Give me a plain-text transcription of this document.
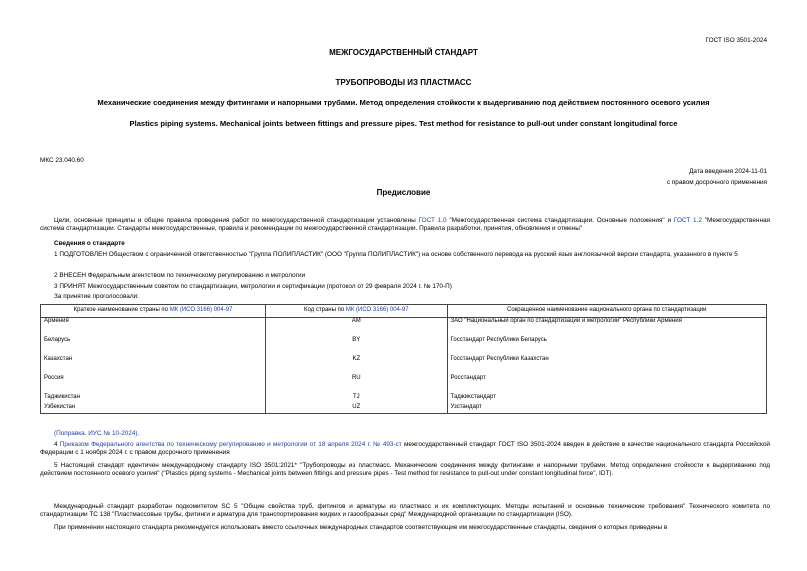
ГОСТ ISO 3501-2024
МЕЖГОСУДАРСТВЕННЫЙ СТАНДАРТ
ТРУБОПРОВОДЫ ИЗ ПЛАСТМАСС
Механические соединения между фитингами и напорными трубами. Метод определения стойкости к выдергиванию под действием постоянного осевого усилия
Plastics piping systems. Mechanical joints between fittings and pressure pipes. Test method for resistance to pull-out under constant longitudinal force
МКС 23.040.60
Дата введения 2024-11-01
с правом досрочного применения
Предисловие
Цели, основные принципы и общие правила проведения работ по межгосударственной стандартизации установлены ГОСТ 1.0 "Межгосударственная система стандартизации. Основные положения" и ГОСТ 1.2 "Межгосударственная система стандартизации. Стандарты межгосударственные, правила и рекомендации по межгосударственной стандартизации. Правила разработки, принятия, обновления и отмены"
Сведения о стандарте
1 ПОДГОТОВЛЕН Обществом с ограниченной ответственностью "Группа ПОЛИПЛАСТИК" (ООО "Группа ПОЛИПЛАСТИК") на основе собственного перевода на русский язык англоязычной версии стандарта, указанного в пункте 5
2 ВНЕСЕН Федеральным агентством по техническому регулированию и метрологии
3 ПРИНЯТ Межгосударственным советом по стандартизации, метрологии и сертификации (протокол от 29 февраля 2024 г. № 170-П)
За принятие проголосовали:
Краткое наименование страны по МК (ИСО 3166) 004-97	Код страны по МК (ИСО 3166) 004-97	Сокращенное наименование национального органа по стандартизации
Армения	AM	ЗАО "Национальный орган по стандартизации и метрологии" Республики Армения
Беларусь	BY	Госстандарт Республики Беларусь
Казахстан	KZ	Госстандарт Республики Казахстан
Россия	RU	Росстандарт
Таджикистан	TJ	Таджикстандарт
Узбекистан	UZ	Узстандарт
(Поправка. ИУС № 10-2024).
4 Приказом Федерального агентства по техническому регулированию и метрологии от 18 апреля 2024 г. № 493-ст межгосударственный стандарт ГОСТ ISO 3501-2024 введен в действие в качестве национального стандарта Российской Федерации с 1 ноября 2024 г. с правом досрочного применения
5 Настоящий стандарт идентичен международному стандарту ISO 3501:2021* "Трубопроводы из пластмасс. Механические соединения между фитингами и напорными трубами. Метод определения стойкости к выдергиванию под действием постоянного осевого усилия" ("Plastics piping systems - Mechanical joints between fittings and pressure pipes - Test method for resistance to pull-out under constant longitudinal force", IDT).
Международный стандарт разработан подкомитетом SC 5 "Общие свойства труб, фитингов и арматуры из пластмасс и их комплектующих. Методы испытаний и основные технические требования" Технического комитета по стандартизации ТС 138 "Пластмассовые трубы, фитинги и арматура для транспортирования жидких и газообразных сред" Международной организации по стандартизации (ISO).
При применении настоящего стандарта рекомендуется использовать вместо ссылочных международных стандартов соответствующие им межгосударственные стандарты, сведения о которых приведены в
